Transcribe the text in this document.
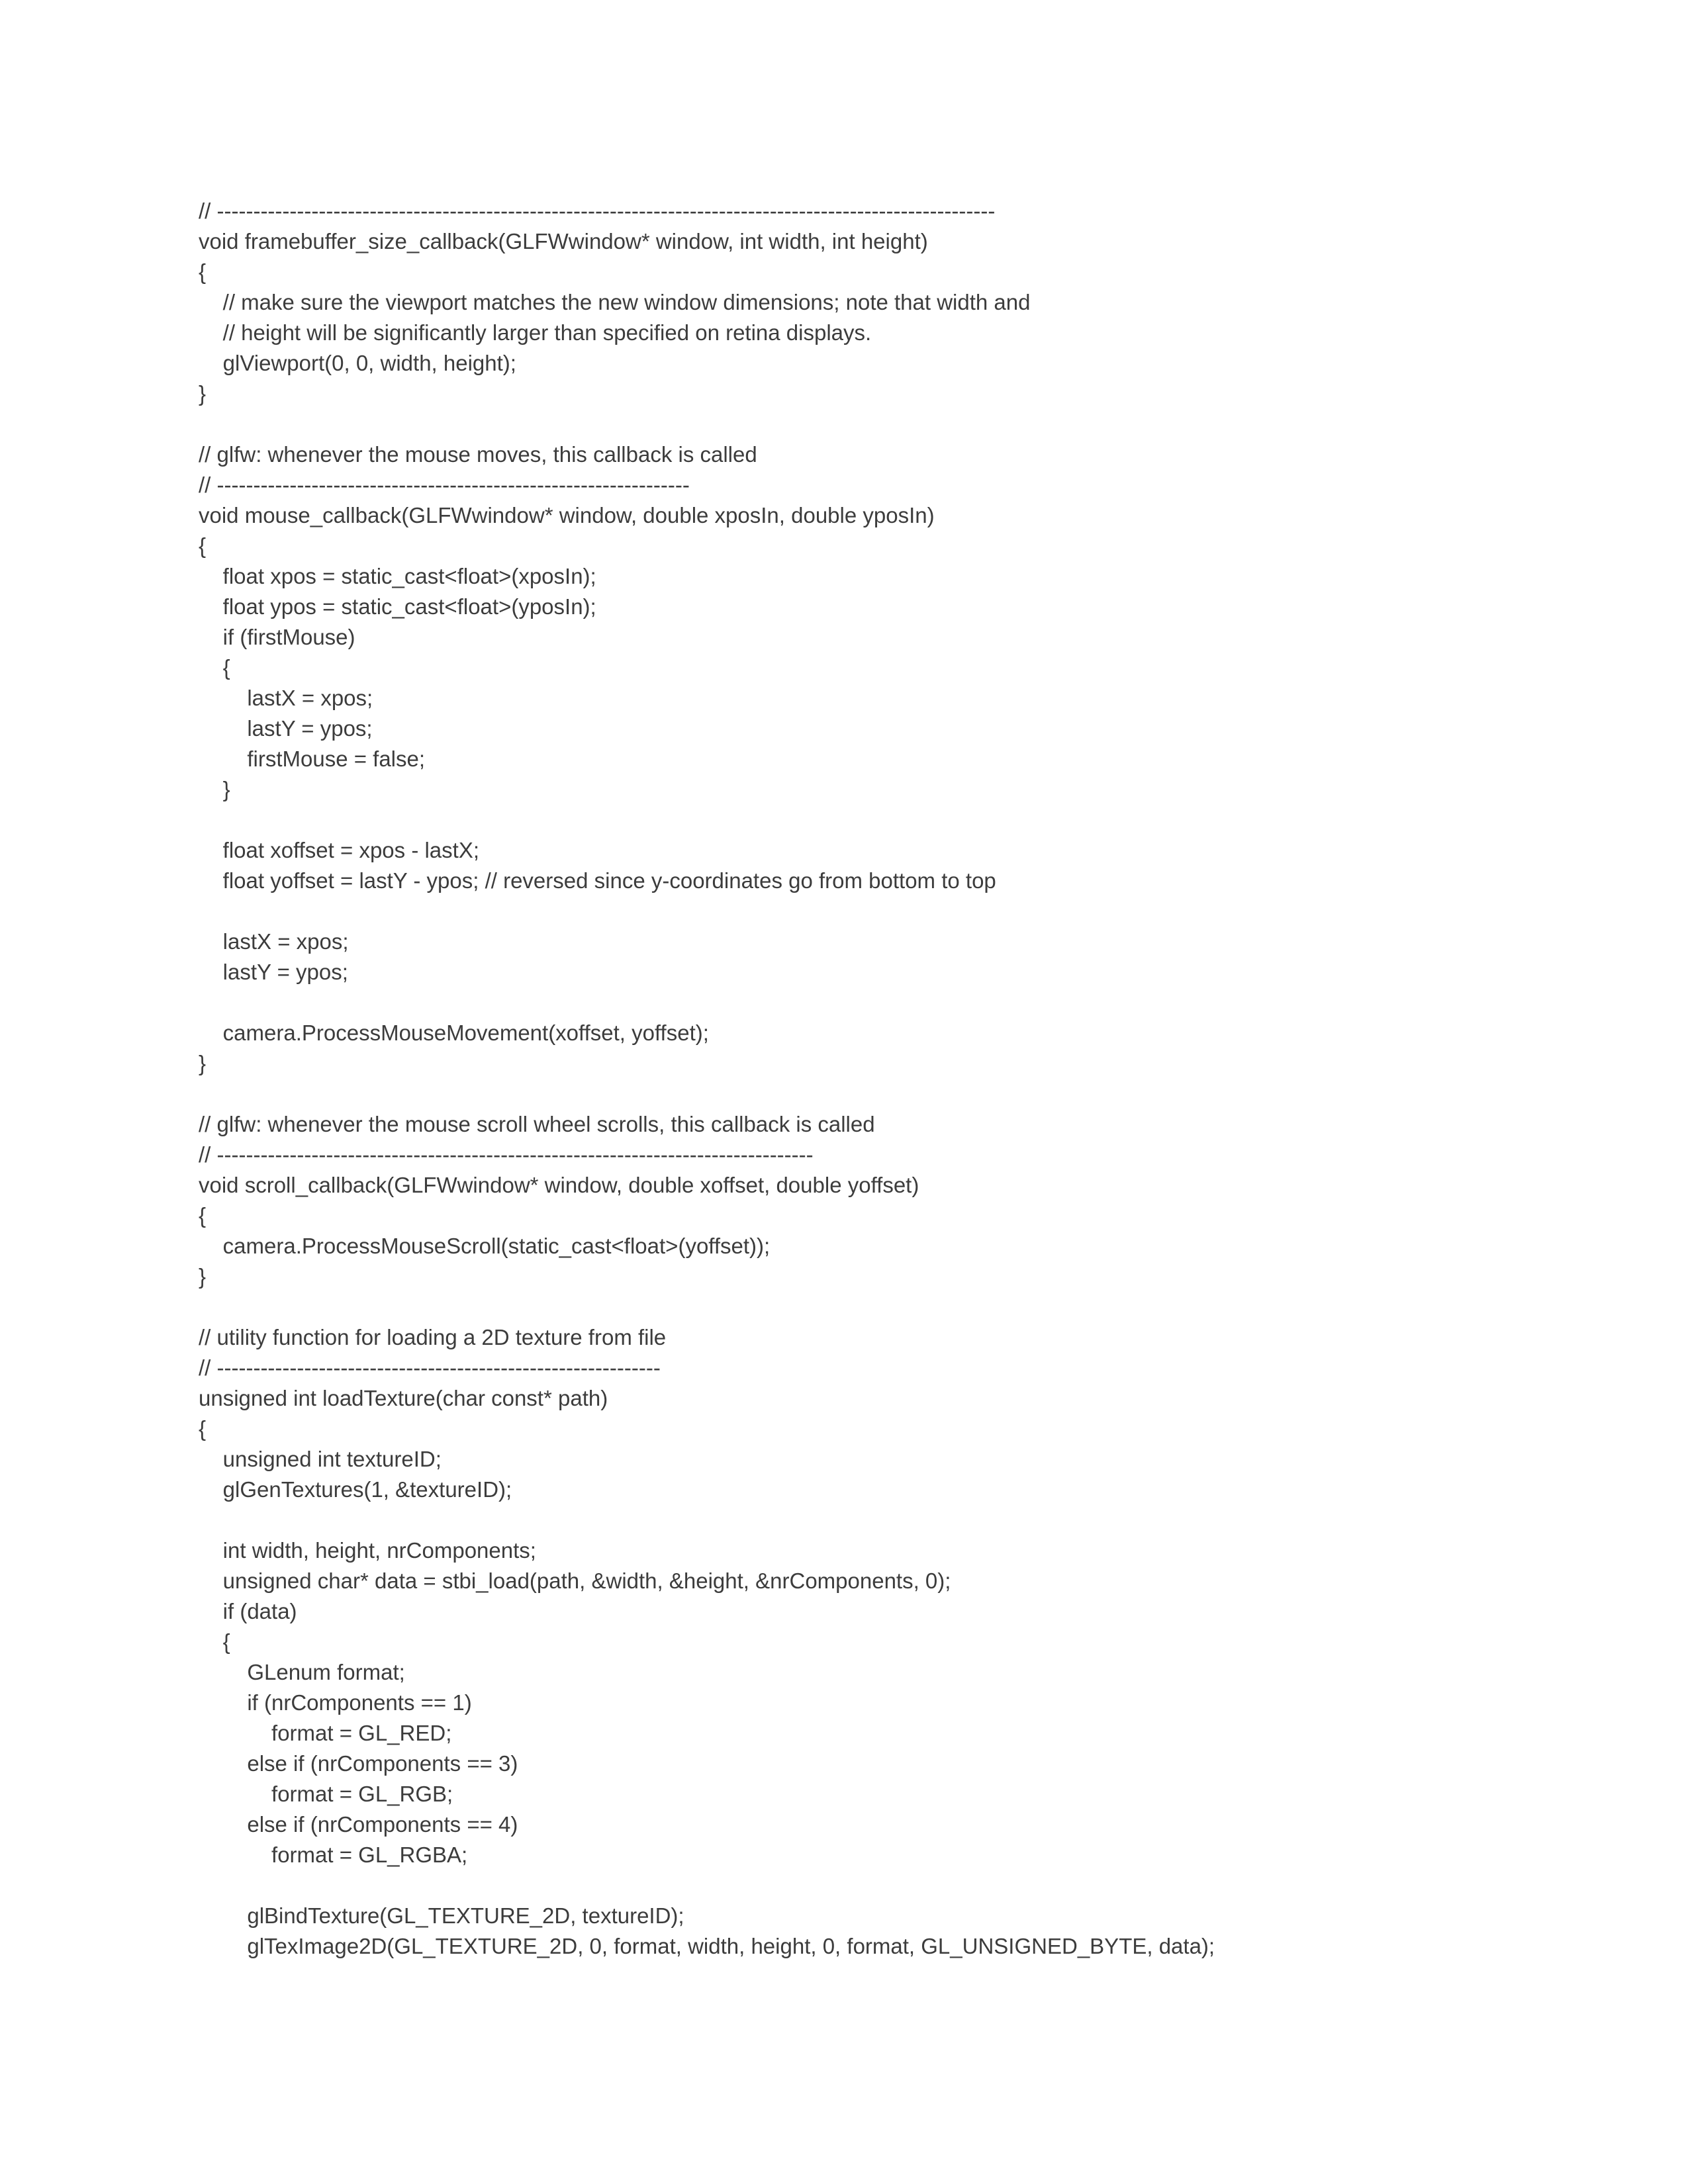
// -----------------------------------------------------------------------------------------------------------
void framebuffer_size_callback(GLFWwindow* window, int width, int height)
{
// make sure the viewport matches the new window dimensions; note that width and
// height will be significantly larger than specified on retina displays.
glViewport(0, 0, width, height);
}
// glfw: whenever the mouse moves, this callback is called
// -----------------------------------------------------------------
void mouse_callback(GLFWwindow* window, double xposIn, double yposIn)
{
float xpos = static_cast<float>(xposIn);
float ypos = static_cast<float>(yposIn);
if (firstMouse)
{
lastX = xpos;
lastY = ypos;
firstMouse = false;
}
float xoffset = xpos - lastX;
float yoffset = lastY - ypos; // reversed since y-coordinates go from bottom to top
lastX = xpos;
lastY = ypos;
camera.ProcessMouseMovement(xoffset, yoffset);
}
// glfw: whenever the mouse scroll wheel scrolls, this callback is called
// ----------------------------------------------------------------------------------
void scroll_callback(GLFWwindow* window, double xoffset, double yoffset)
{
camera.ProcessMouseScroll(static_cast<float>(yoffset));
}
// utility function for loading a 2D texture from file
// -------------------------------------------------------------
unsigned int loadTexture(char const* path)
{
unsigned int textureID;
glGenTextures(1, &textureID);
int width, height, nrComponents;
unsigned char* data = stbi_load(path, &width, &height, &nrComponents, 0);
if (data)
{
GLenum format;
if (nrComponents == 1)
format = GL_RED;
else if (nrComponents == 3)
format = GL_RGB;
else if (nrComponents == 4)
format = GL_RGBA;
glBindTexture(GL_TEXTURE_2D, textureID);
glTexImage2D(GL_TEXTURE_2D, 0, format, width, height, 0, format, GL_UNSIGNED_BYTE, data);
